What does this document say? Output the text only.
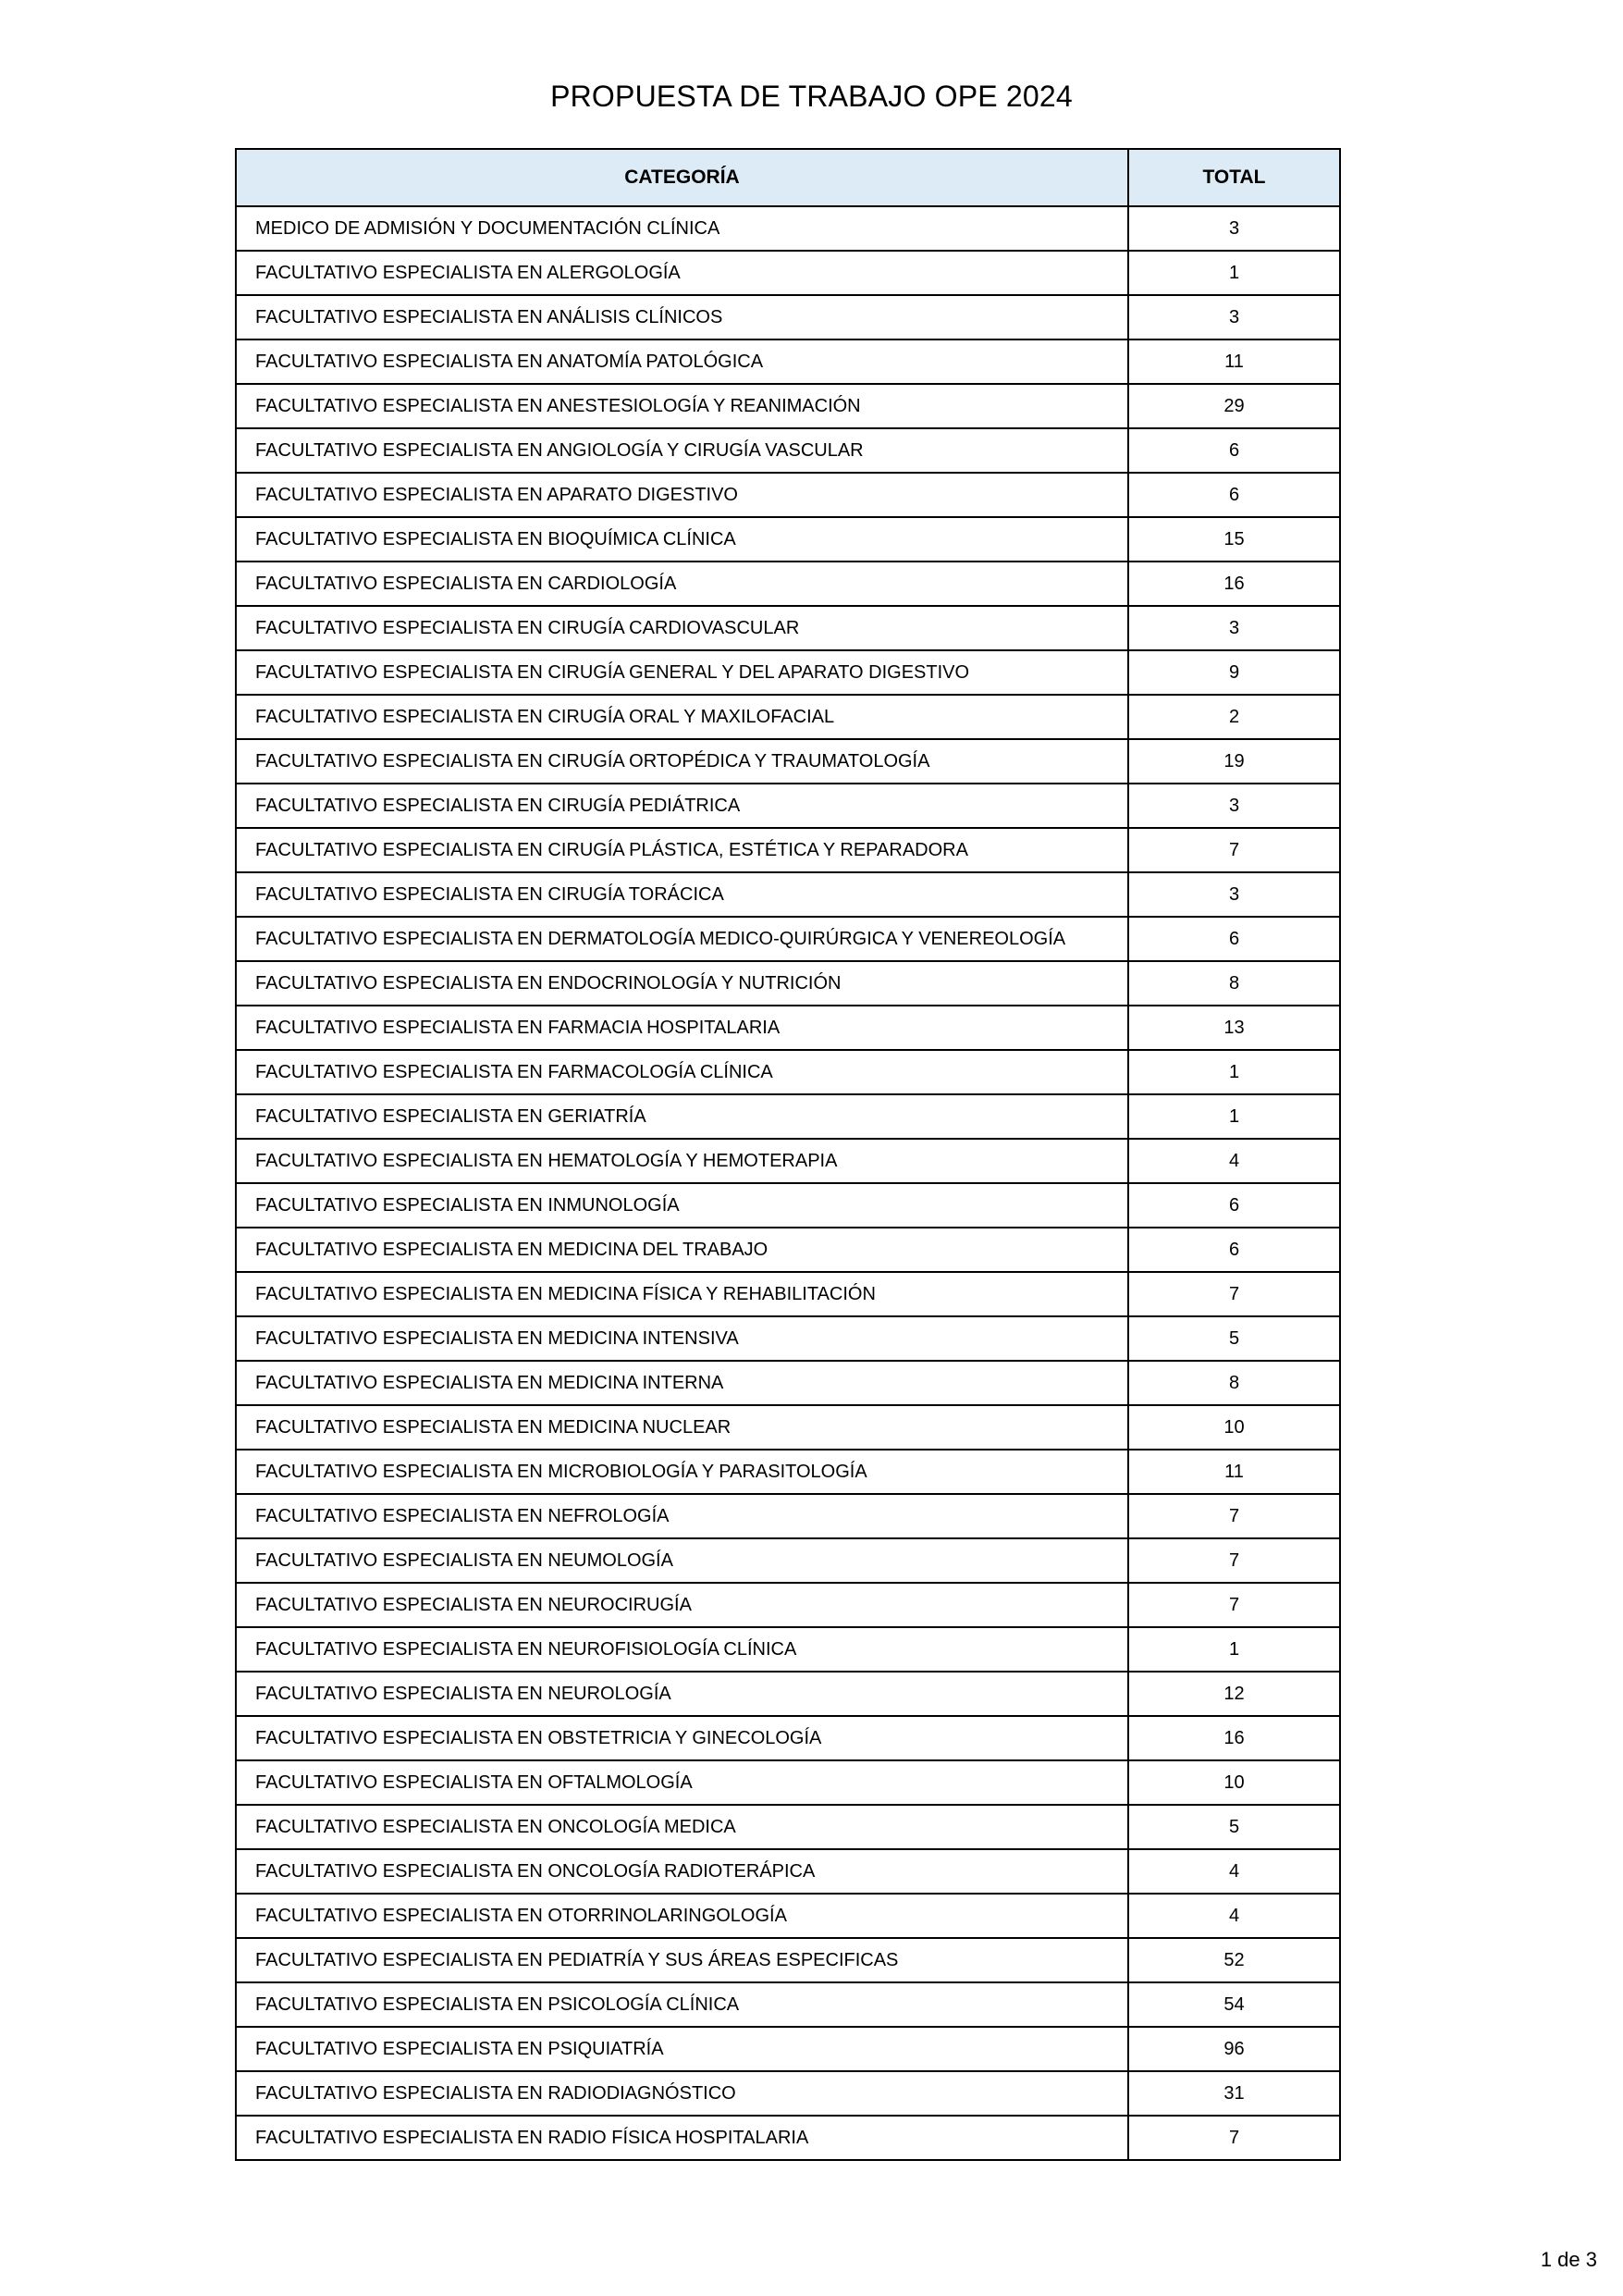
PROPUESTA DE TRABAJO OPE 2024
CATEGORÍA	TOTAL
MEDICO DE ADMISIÓN Y DOCUMENTACIÓN CLÍNICA	3
FACULTATIVO ESPECIALISTA EN ALERGOLOGÍA	1
FACULTATIVO ESPECIALISTA EN ANÁLISIS CLÍNICOS	3
FACULTATIVO ESPECIALISTA EN ANATOMÍA PATOLÓGICA	11
FACULTATIVO ESPECIALISTA EN ANESTESIOLOGÍA Y REANIMACIÓN	29
FACULTATIVO ESPECIALISTA EN ANGIOLOGÍA Y CIRUGÍA VASCULAR	6
FACULTATIVO ESPECIALISTA EN APARATO DIGESTIVO	6
FACULTATIVO ESPECIALISTA EN BIOQUÍMICA CLÍNICA	15
FACULTATIVO ESPECIALISTA EN CARDIOLOGÍA	16
FACULTATIVO ESPECIALISTA EN CIRUGÍA CARDIOVASCULAR	3
FACULTATIVO ESPECIALISTA EN CIRUGÍA GENERAL Y DEL APARATO DIGESTIVO	9
FACULTATIVO ESPECIALISTA EN CIRUGÍA ORAL Y MAXILOFACIAL	2
FACULTATIVO ESPECIALISTA EN CIRUGÍA ORTOPÉDICA Y TRAUMATOLOGÍA	19
FACULTATIVO ESPECIALISTA EN CIRUGÍA PEDIÁTRICA	3
FACULTATIVO ESPECIALISTA EN CIRUGÍA PLÁSTICA, ESTÉTICA Y REPARADORA	7
FACULTATIVO ESPECIALISTA EN CIRUGÍA TORÁCICA	3
FACULTATIVO ESPECIALISTA EN DERMATOLOGÍA MEDICO-QUIRÚRGICA Y VENEREOLOGÍA	6
FACULTATIVO ESPECIALISTA EN ENDOCRINOLOGÍA Y NUTRICIÓN	8
FACULTATIVO ESPECIALISTA EN FARMACIA HOSPITALARIA	13
FACULTATIVO ESPECIALISTA EN FARMACOLOGÍA CLÍNICA	1
FACULTATIVO ESPECIALISTA EN GERIATRÍA	1
FACULTATIVO ESPECIALISTA EN HEMATOLOGÍA Y HEMOTERAPIA	4
FACULTATIVO ESPECIALISTA EN INMUNOLOGÍA	6
FACULTATIVO ESPECIALISTA EN MEDICINA DEL TRABAJO	6
FACULTATIVO ESPECIALISTA EN MEDICINA FÍSICA Y REHABILITACIÓN	7
FACULTATIVO ESPECIALISTA EN MEDICINA INTENSIVA	5
FACULTATIVO ESPECIALISTA EN MEDICINA INTERNA	8
FACULTATIVO ESPECIALISTA EN MEDICINA NUCLEAR	10
FACULTATIVO ESPECIALISTA EN MICROBIOLOGÍA Y PARASITOLOGÍA	11
FACULTATIVO ESPECIALISTA EN NEFROLOGÍA	7
FACULTATIVO ESPECIALISTA EN NEUMOLOGÍA	7
FACULTATIVO ESPECIALISTA EN NEUROCIRUGÍA	7
FACULTATIVO ESPECIALISTA EN NEUROFISIOLOGÍA CLÍNICA	1
FACULTATIVO ESPECIALISTA EN NEUROLOGÍA	12
FACULTATIVO ESPECIALISTA EN OBSTETRICIA Y GINECOLOGÍA	16
FACULTATIVO ESPECIALISTA EN OFTALMOLOGÍA	10
FACULTATIVO ESPECIALISTA EN ONCOLOGÍA MEDICA	5
FACULTATIVO ESPECIALISTA EN ONCOLOGÍA RADIOTERÁPICA	4
FACULTATIVO ESPECIALISTA EN OTORRINOLARINGOLOGÍA	4
FACULTATIVO ESPECIALISTA EN PEDIATRÍA Y SUS ÁREAS ESPECIFICAS	52
FACULTATIVO ESPECIALISTA EN PSICOLOGÍA CLÍNICA	54
FACULTATIVO ESPECIALISTA EN PSIQUIATRÍA	96
FACULTATIVO ESPECIALISTA EN RADIODIAGNÓSTICO	31
FACULTATIVO ESPECIALISTA EN RADIO FÍSICA HOSPITALARIA	7
1 de 3
